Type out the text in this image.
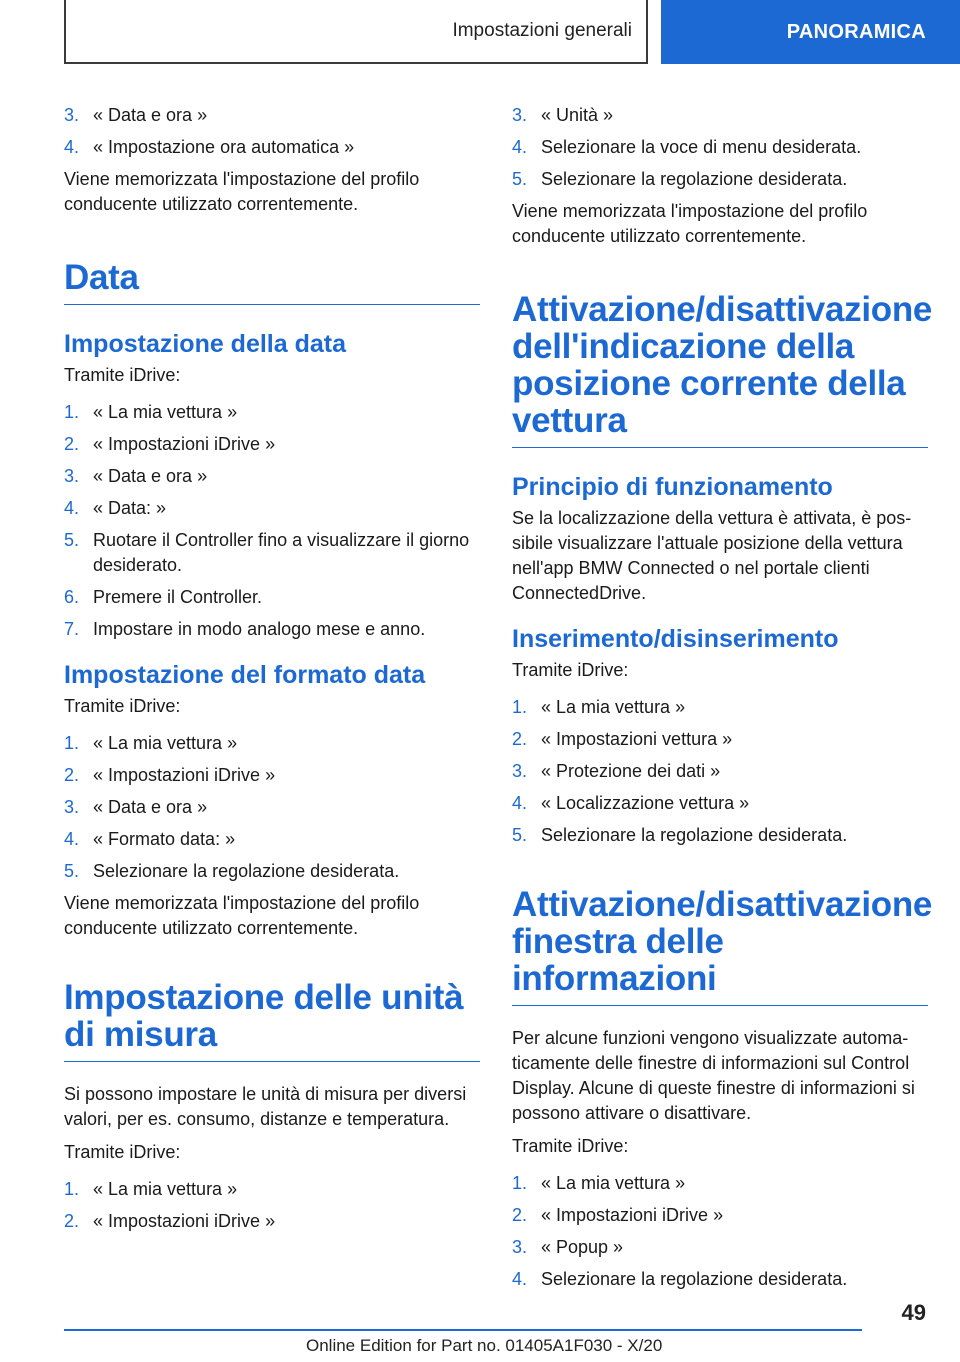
Impostazioni generali	PANORAMICA
3. « Data e ora »
4. « Impostazione ora automatica »

Viene memorizzata l'impostazione del profilo conducente utilizzato correntemente.

Data
Impostazione della data

Tramite iDrive:

1. « La mia vettura »
2. « Impostazioni iDrive »
3. « Data e ora »
4. « Data: »
5. Ruotare il Controller fino a visualizzare il giorno desiderato.
6. Premere il Controller.
7. Impostare in modo analogo mese e anno.
Impostazione del formato data

Tramite iDrive:

1. « La mia vettura »
2. « Impostazioni iDrive »
3. « Data e ora »
4. « Formato data: »
5. Selezionare la regolazione desiderata.

Viene memorizzata l'impostazione del profilo conducente utilizzato correntemente.

Impostazione delle unità di misura

Si possono impostare le unità di misura per diversi valori, per es. consumo, distanze e temperatura.

Tramite iDrive:

1. « La mia vettura »
2. « Impostazioni iDrive »
3. « Unità »
4. Selezionare la voce di menu desiderata.
5. Selezionare la regolazione desiderata.

Viene memorizzata l'impostazione del profilo conducente utilizzato correntemente.

Attivazione/disattivazione dell'indicazione della posizione corrente della vettura
Principio di funzionamento

Se la localizzazione della vettura è attivata, è possibile visualizzare l'attuale posizione della vettura nell'app BMW Connected o nel portale clienti ConnectedDrive.

Inserimento/disinserimento

Tramite iDrive:

1. « La mia vettura »
2. « Impostazioni vettura »
3. « Protezione dei dati »
4. « Localizzazione vettura »
5. Selezionare la regolazione desiderata.
Attivazione/disattivazione finestra delle informazioni

Per alcune funzioni vengono visualizzate automaticamente delle finestre di informazioni sul Control Display. Alcune di queste finestre di informazioni si possono attivare o disattivare.

Tramite iDrive:

1. « La mia vettura »
2. « Impostazioni iDrive »
3. « Popup »
4. Selezionare la regolazione desiderata.
49
Online Edition for Part no. 01405A1F030 - X/20
